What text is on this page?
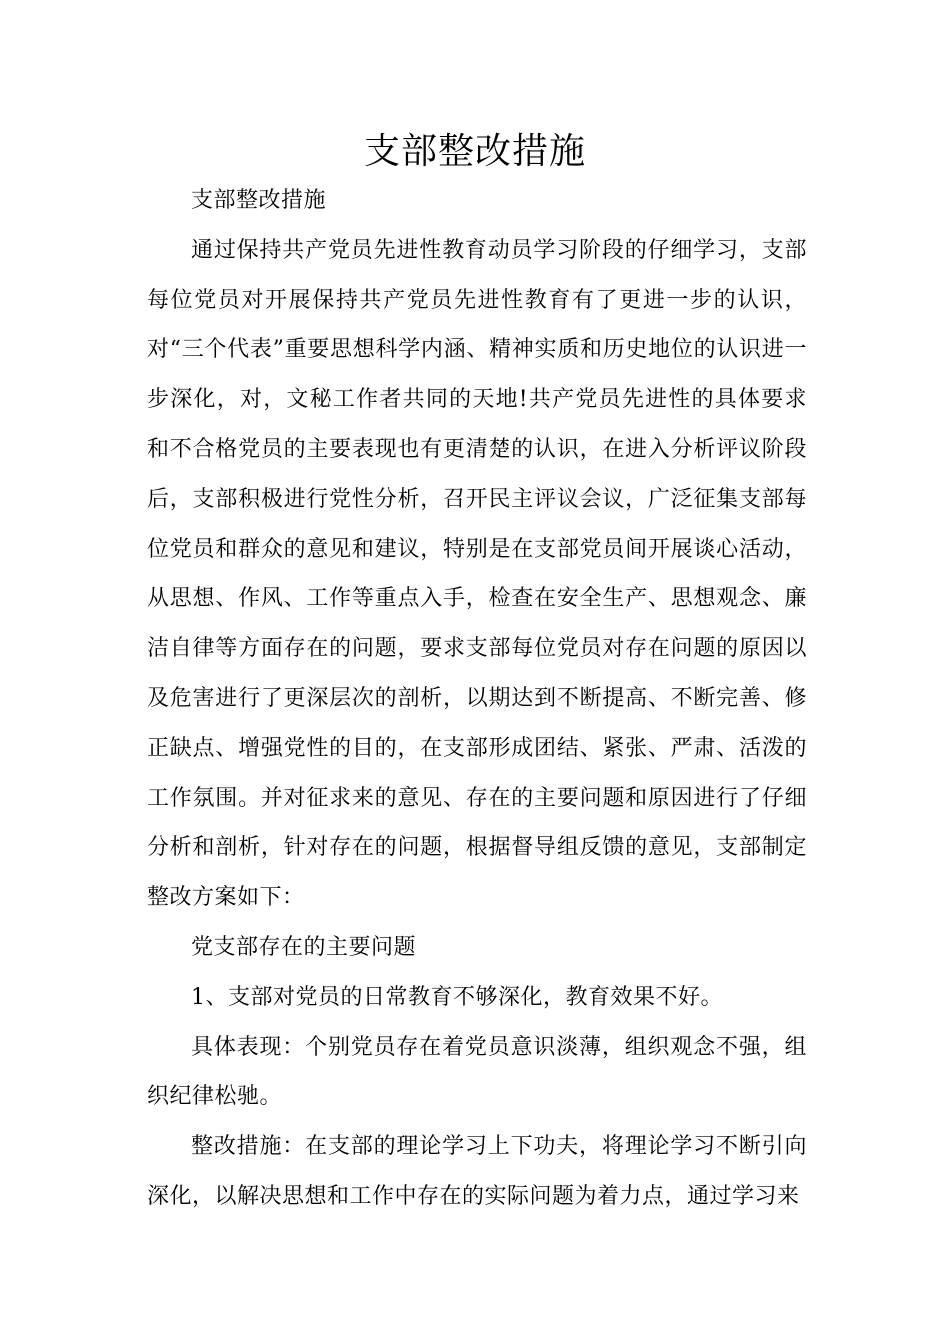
支部整改措施

支部整改措施

通过保持共产党员先进性教育动员学习阶段的仔细学习，支部每位党员对开展保持共产党员先进性教育有了更进一步的认识，对“三个代表”重要思想科学内涵、精神实质和历史地位的认识进一步深化，对，文秘工作者共同的天地!共产党员先进性的具体要求和不合格党员的主要表现也有更清楚的认识，在进入分析评议阶段后，支部积极进行党性分析，召开民主评议会议，广泛征集支部每位党员和群众的意见和建议，特别是在支部党员间开展谈心活动，从思想、作风、工作等重点入手，检查在安全生产、思想观念、廉洁自律等方面存在的问题，要求支部每位党员对存在问题的原因以及危害进行了更深层次的剖析，以期达到不断提高、不断完善、修正缺点、增强党性的目的，在支部形成团结、紧张、严肃、活泼的工作氛围。并对征求来的意见、存在的主要问题和原因进行了仔细分析和剖析，针对存在的问题，根据督导组反馈的意见，支部制定整改方案如下：

党支部存在的主要问题

1、支部对党员的日常教育不够深化，教育效果不好。

具体表现：个别党员存在着党员意识淡薄，组织观念不强，组织纪律松驰。

整改措施：在支部的理论学习上下功夫，将理论学习不断引向深化，以解决思想和工作中存在的实际问题为着力点，通过学习来
